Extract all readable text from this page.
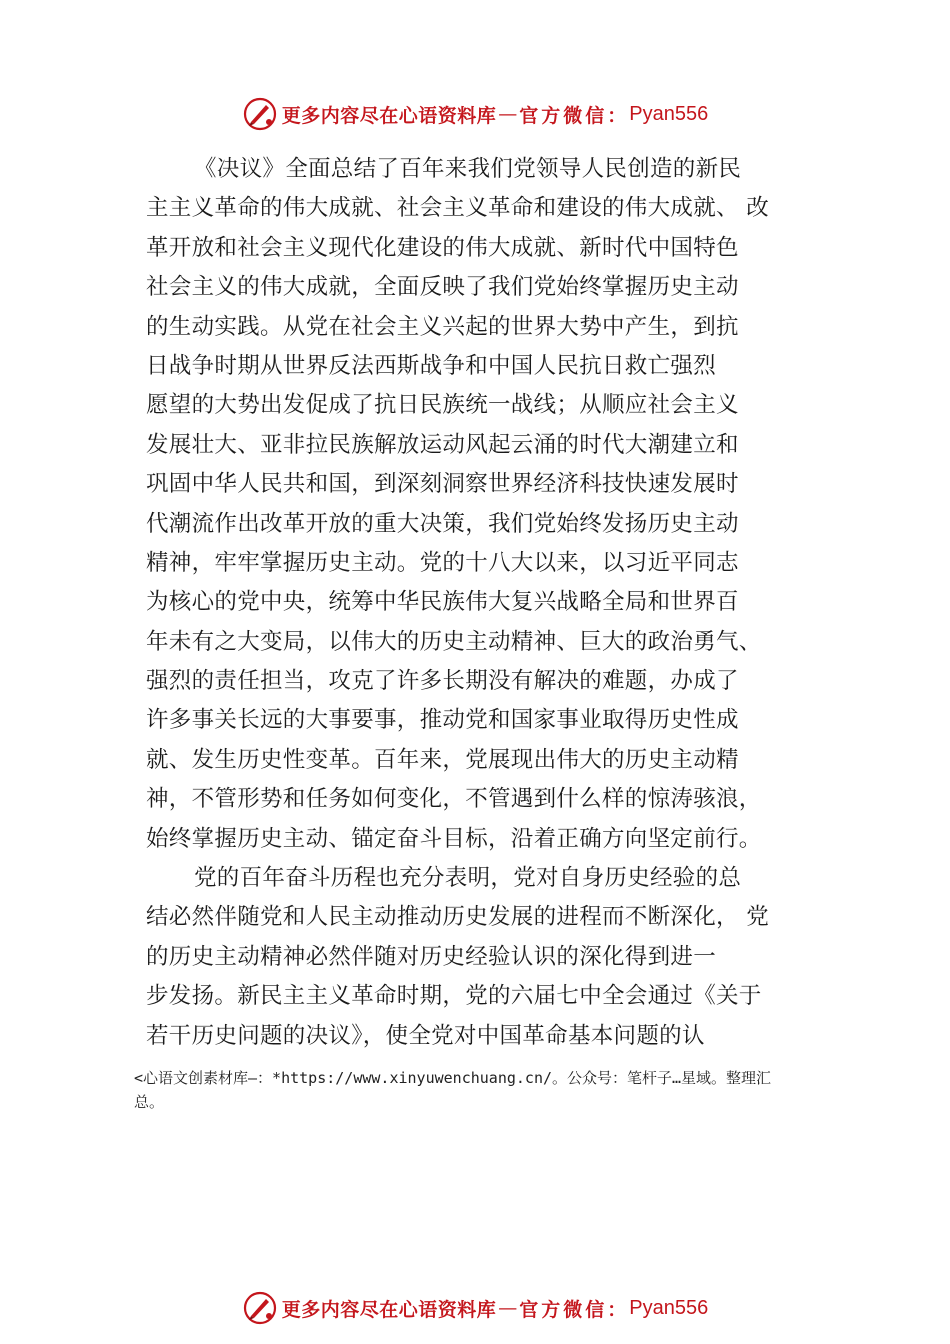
更多内容尽在心语资料库 — 官方微信： Pyan556
《决议》全面总结了百年来我们党领导人民创造的新民
主主义革命的伟大成就、社会主义革命和建设的伟大成就、 改
革开放和社会主义现代化建设的伟大成就、新时代中国特色
社会主义的伟大成就，全面反映了我们党始终掌握历史主动
的生动实践。从党在社会主义兴起的世界大势中产生，到抗
日战争时期从世界反法西斯战争和中国人民抗日救亡强烈
愿望的大势出发促成了抗日民族统一战线；从顺应社会主义
发展壮大、亚非拉民族解放运动风起云涌的时代大潮建立和
巩固中华人民共和国，到深刻洞察世界经济科技快速发展时
代潮流作出改革开放的重大决策，我们党始终发扬历史主动
精神，牢牢掌握历史主动。党的十八大以来，以习近平同志
为核心的党中央，统筹中华民族伟大复兴战略全局和世界百
年未有之大变局，以伟大的历史主动精神、巨大的政治勇气、
强烈的责任担当，攻克了许多长期没有解决的难题，办成了
许多事关长远的大事要事，推动党和国家事业取得历史性成
就、发生历史性变革。百年来，党展现出伟大的历史主动精
神，不管形势和任务如何变化，不管遇到什么样的惊涛骇浪，
始终掌握历史主动、锚定奋斗目标，沿着正确方向坚定前行。
党的百年奋斗历程也充分表明，党对自身历史经验的总
结必然伴随党和人民主动推动历史发展的进程而不断深化， 党
的历史主动精神必然伴随对历史经验认识的深化得到进一
步发扬。新民主主义革命时期，党的六届七中全会通过《关于
若干历史问题的决议》，使全党对中国革命基本问题的认
<心语文创素材库—：*https://www.xinyuwenchuang.cn/。公众号：笔杆子…星域。整理汇
总。
更多内容尽在心语资料库 — 官方微信： Pyan556
